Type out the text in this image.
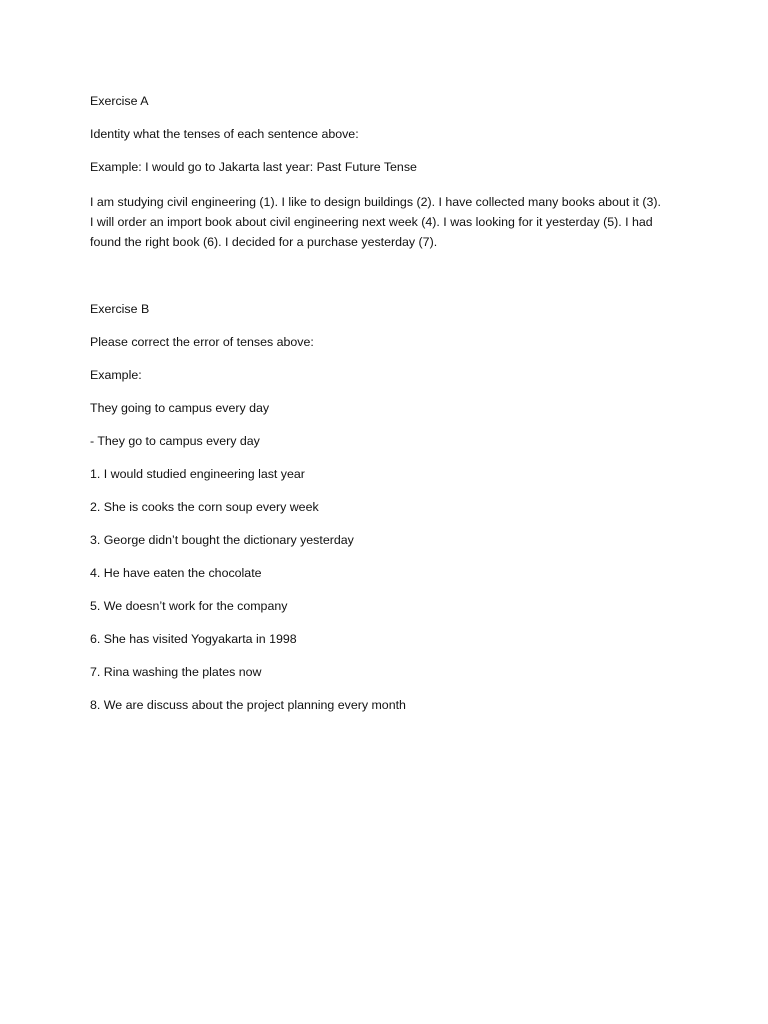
Exercise A

Identity what the tenses of each sentence above:

Example: I would go to Jakarta last year: Past Future Tense

I am studying civil engineering (1). I like to design buildings (2). I have collected many books about it (3).

I will order an import book about civil engineering next week (4). I was looking for it yesterday (5). I had

found the right book (6). I decided for a purchase yesterday (7).

Exercise B

Please correct the error of tenses above:

Example:

They going to campus every day

- They go to campus every day

1. I would studied engineering last year

2. She is cooks the corn soup every week

3. George didn’t bought the dictionary yesterday

4. He have eaten the chocolate

5. We doesn’t work for the company

6. She has visited Yogyakarta in 1998

7. Rina washing the plates now

8. We are discuss about the project planning every month
